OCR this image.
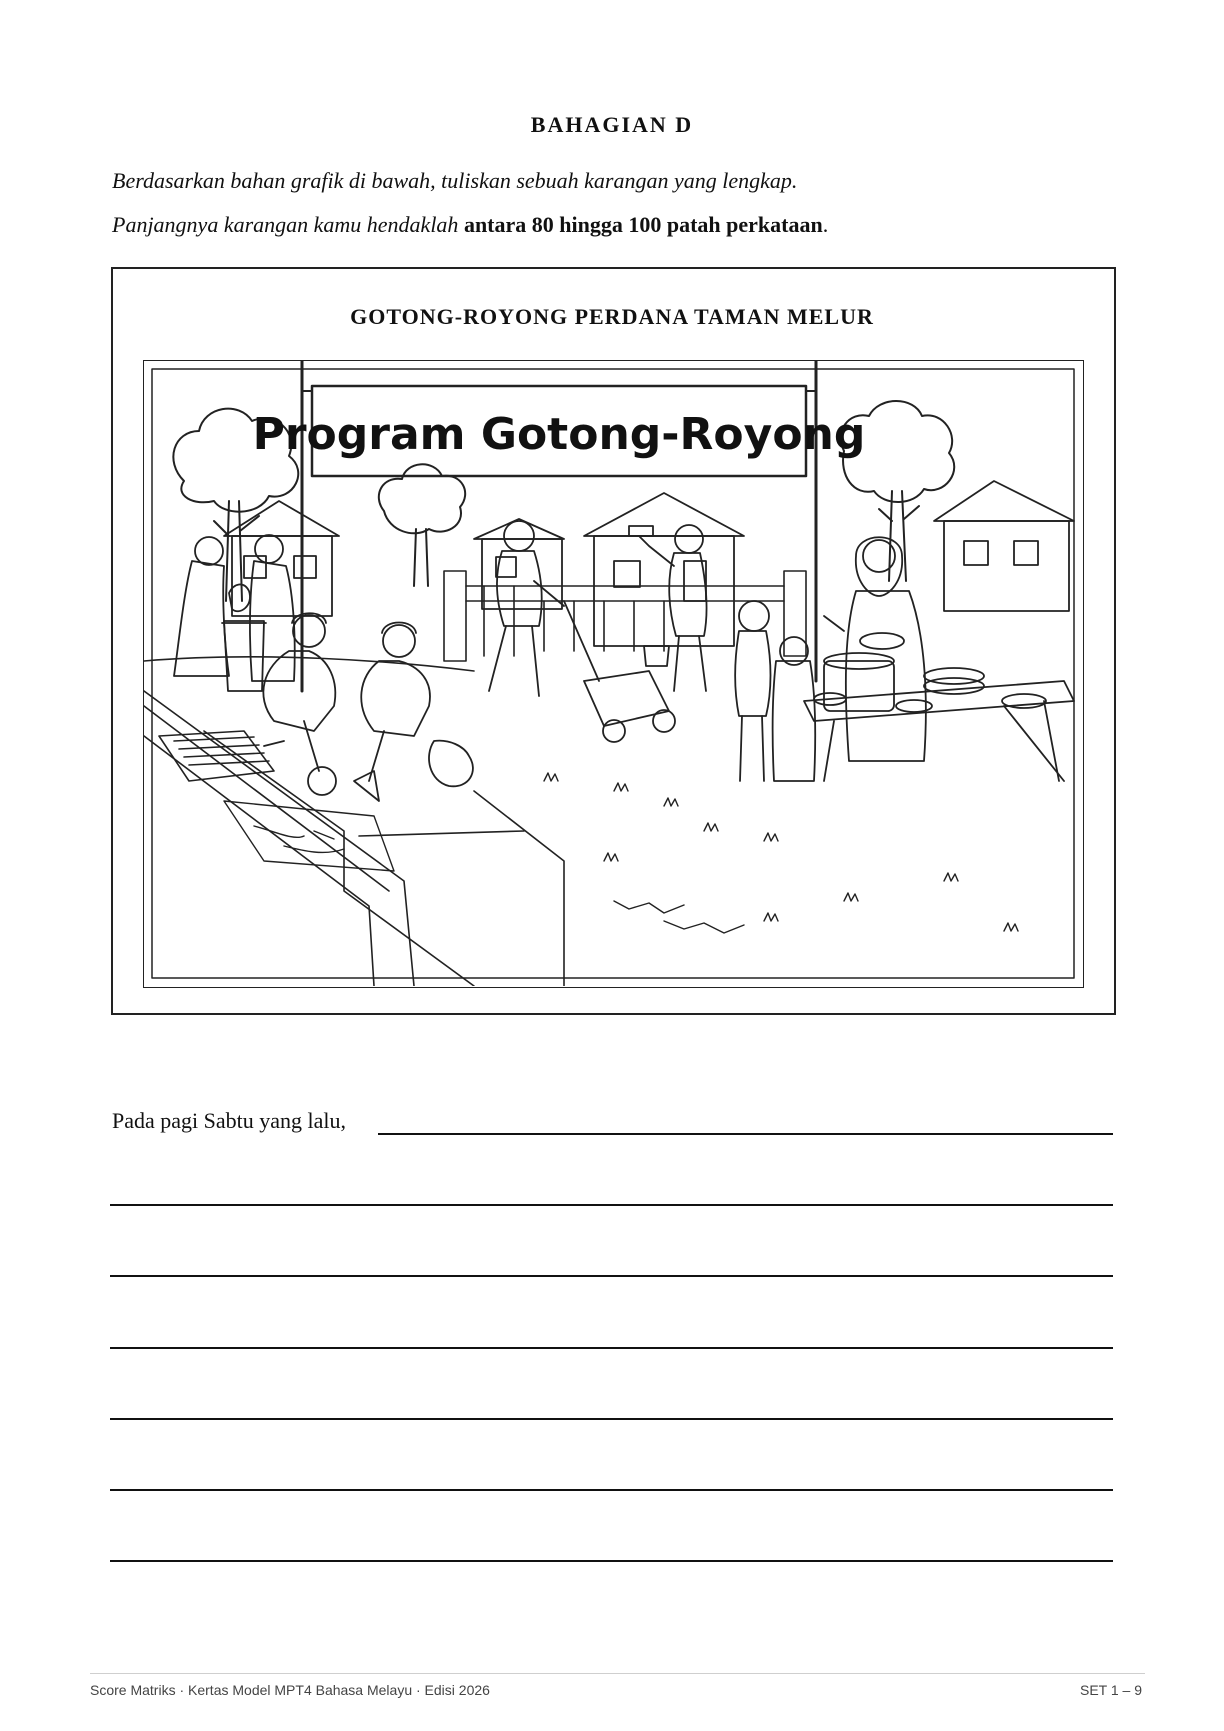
BAHAGIAN D
Berdasarkan bahan grafik di bawah, tuliskan sebuah karangan yang lengkap.
Panjangnya karangan kamu hendaklah antara 80 hingga 100 patah perkataan.
GOTONG-ROYONG PERDANA TAMAN MELUR
Program Gotong-Royong
Pada pagi Sabtu yang lalu,
Score Matriks · Kertas Model MPT4 Bahasa Melayu · Edisi 2026	SET 1 – 9
